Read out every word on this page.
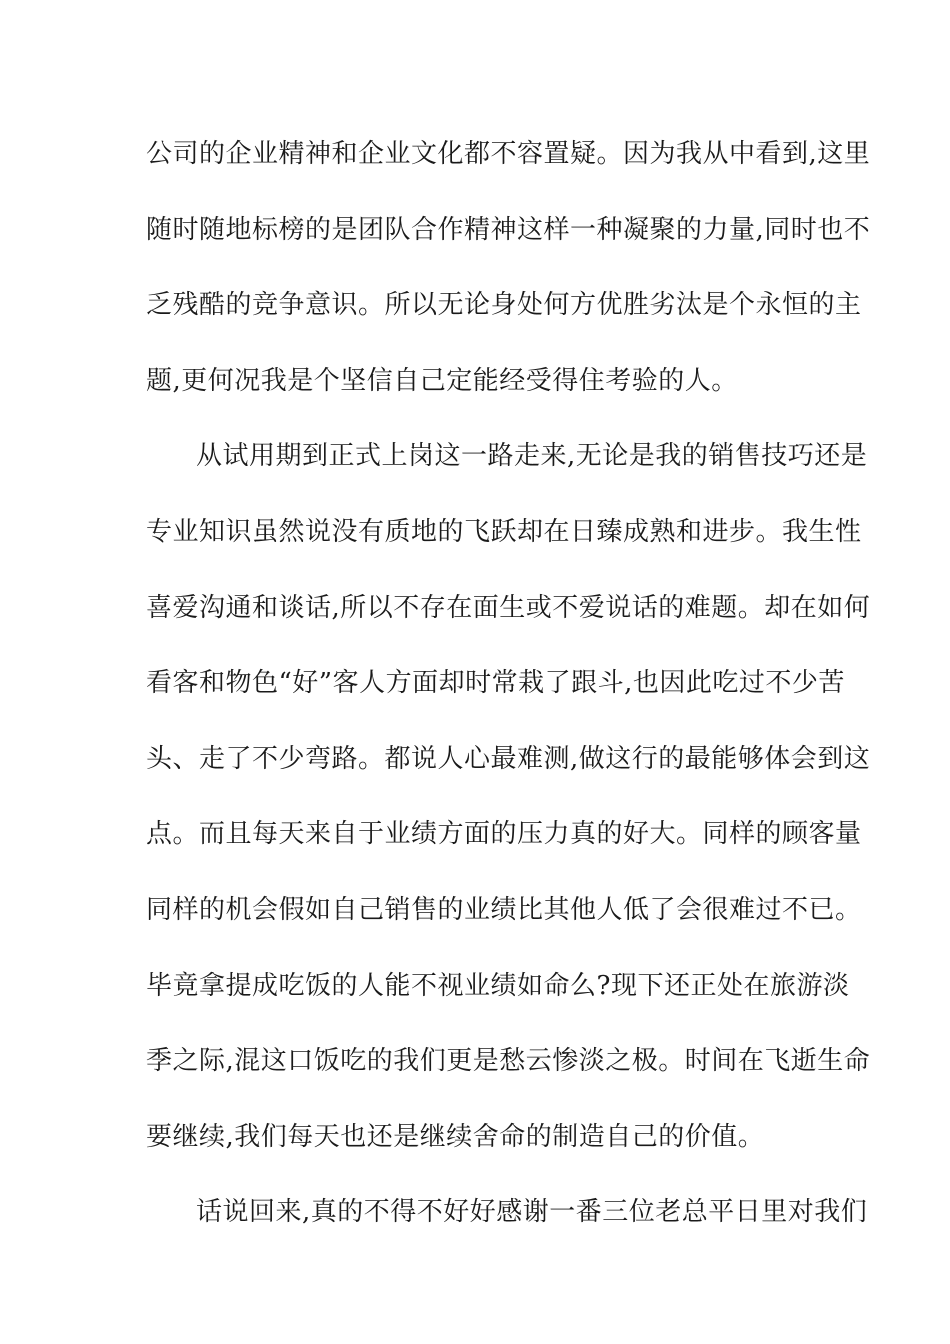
公司的企业精神和企业文化都不容置疑。因为我从中看到,这里
随时随地标榜的是团队合作精神这样一种凝聚的力量,同时也不
乏残酷的竞争意识。所以无论身处何方优胜劣汰是个永恒的主
题,更何况我是个坚信自己定能经受得住考验的人。
从试用期到正式上岗这一路走来,无论是我的销售技巧还是
专业知识虽然说没有质地的飞跃却在日臻成熟和进步。我生性
喜爱沟通和谈话,所以不存在面生或不爱说话的难题。却在如何
看客和物色“好”客人方面却时常栽了跟斗,也因此吃过不少苦
头、走了不少弯路。都说人心最难测,做这行的最能够体会到这
点。而且每天来自于业绩方面的压力真的好大。同样的顾客量
同样的机会假如自己销售的业绩比其他人低了会很难过不已。
毕竟拿提成吃饭的人能不视业绩如命么?现下还正处在旅游淡
季之际,混这口饭吃的我们更是愁云惨淡之极。时间在飞逝生命
要继续,我们每天也还是继续舍命的制造自己的价值。
话说回来,真的不得不好好感谢一番三位老总平日里对我们
